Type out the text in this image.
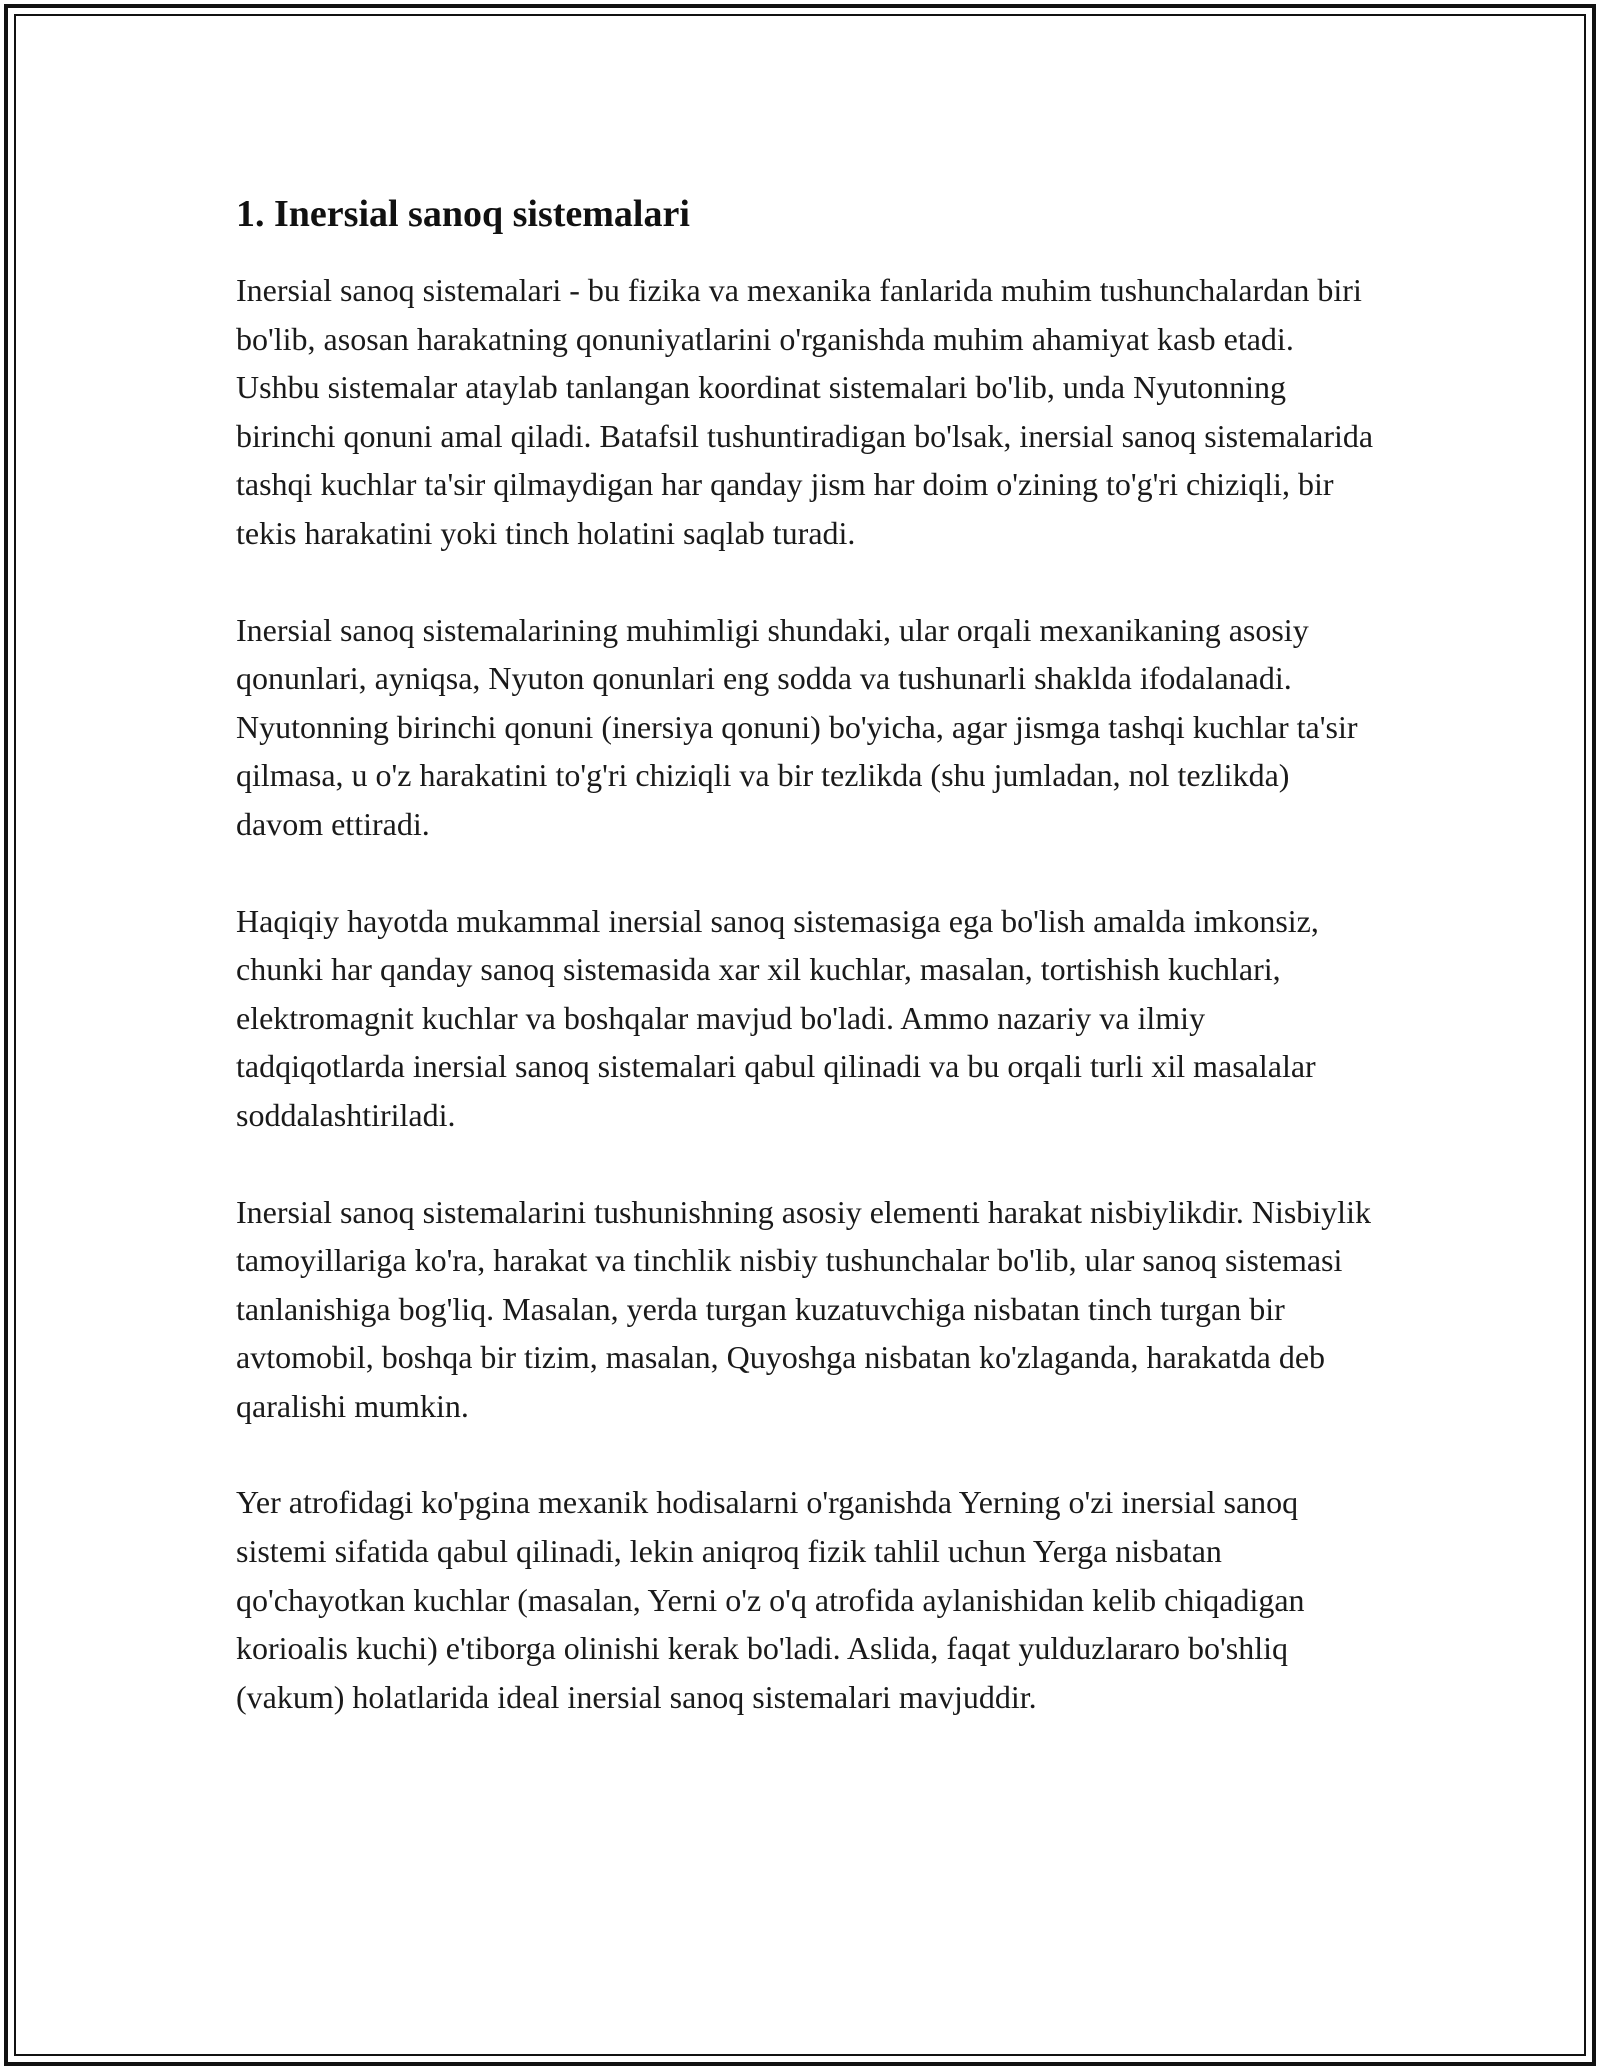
1. Inersial sanoq sistemalari

Inersial sanoq sistemalari - bu fizika va mexanika fanlarida muhim tushunchalardan biri bo'lib, asosan harakatning qonuniyatlarini o'rganishda muhim ahamiyat kasb etadi. Ushbu sistemalar ataylab tanlangan koordinat sistemalari bo'lib, unda Nyutonning birinchi qonuni amal qiladi. Batafsil tushuntiradigan bo'lsak, inersial sanoq sistemalarida tashqi kuchlar ta'sir qilmaydigan har qanday jism har doim o'zining to'g'ri chiziqli, bir tekis harakatini yoki tinch holatini saqlab turadi.

Inersial sanoq sistemalarining muhimligi shundaki, ular orqali mexanikaning asosiy qonunlari, ayniqsa, Nyuton qonunlari eng sodda va tushunarli shaklda ifodalanadi. Nyutonning birinchi qonuni (inersiya qonuni) bo'yicha, agar jismga tashqi kuchlar ta'sir qilmasa, u o'z harakatini to'g'ri chiziqli va bir tezlikda (shu jumladan, nol tezlikda) davom ettiradi.

Haqiqiy hayotda mukammal inersial sanoq sistemasiga ega bo'lish amalda imkonsiz, chunki har qanday sanoq sistemasida xar xil kuchlar, masalan, tortishish kuchlari, elektromagnit kuchlar va boshqalar mavjud bo'ladi. Ammo nazariy va ilmiy tadqiqotlarda inersial sanoq sistemalari qabul qilinadi va bu orqali turli xil masalalar soddalashtiriladi.

Inersial sanoq sistemalarini tushunishning asosiy elementi harakat nisbiylikdir. Nisbiylik tamoyillariga ko'ra, harakat va tinchlik nisbiy tushunchalar bo'lib, ular sanoq sistemasi tanlanishiga bog'liq. Masalan, yerda turgan kuzatuvchiga nisbatan tinch turgan bir avtomobil, boshqa bir tizim, masalan, Quyoshga nisbatan ko'zlaganda, harakatda deb qaralishi mumkin.

Yer atrofidagi ko'pgina mexanik hodisalarni o'rganishda Yerning o'zi inersial sanoq sistemi sifatida qabul qilinadi, lekin aniqroq fizik tahlil uchun Yerga nisbatan qo'chayotkan kuchlar (masalan, Yerni o'z o'q atrofida aylanishidan kelib chiqadigan korioalis kuchi) e'tiborga olinishi kerak bo'ladi. Aslida, faqat yulduzlararo bo'shliq (vakum) holatlarida ideal inersial sanoq sistemalari mavjuddir.
